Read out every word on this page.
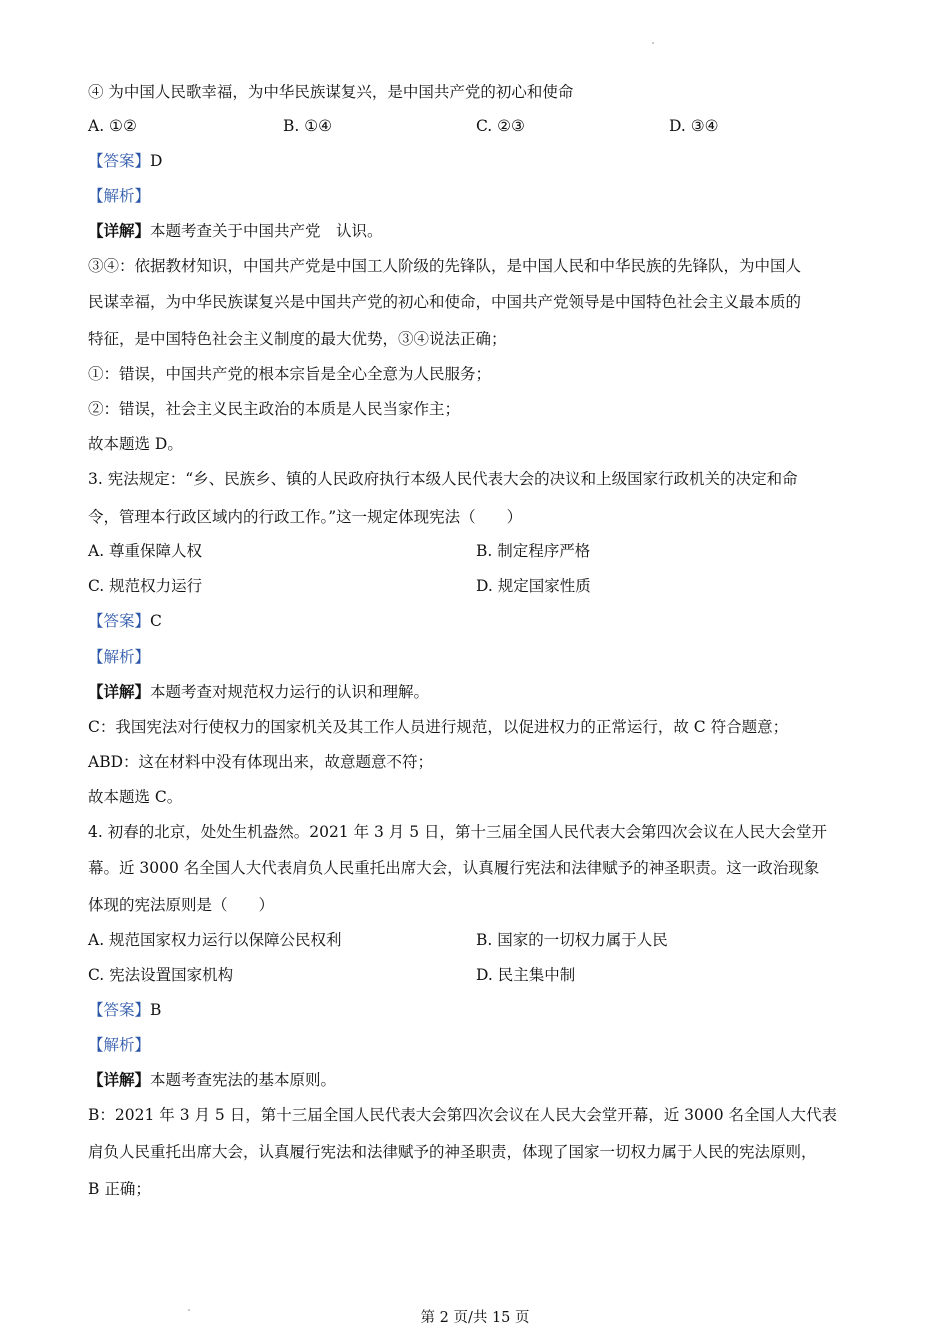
④ 为中国人民歌幸福，为中华民族谋复兴，是中国共产党的初心和使命
A. ①②	B. ①④	C. ②③	D. ③④
【答案】D
【解析】
【详解】本题考查关于中国共产党　认识。
③④：依据教材知识，中国共产党是中国工人阶级的先锋队，是中国人民和中华民族的先锋队，为中国人
民谋幸福，为中华民族谋复兴是中国共产党的初心和使命，中国共产党领导是中国特色社会主义最本质的
特征，是中国特色社会主义制度的最大优势，③④说法正确；
①：错误，中国共产党的根本宗旨是全心全意为人民服务；
②：错误，社会主义民主政治的本质是人民当家作主；
故本题选 D。
3. 宪法规定：“乡、民族乡、镇的人民政府执行本级人民代表大会的决议和上级国家行政机关的决定和命
令，管理本行政区域内的行政工作。”这一规定体现宪法（　　）
A. 尊重保障人权	B. 制定程序严格
C. 规范权力运行	D. 规定国家性质
【答案】C
【解析】
【详解】本题考查对规范权力运行的认识和理解。
C：我国宪法对行使权力的国家机关及其工作人员进行规范，以促进权力的正常运行，故 C 符合题意；
ABD：这在材料中没有体现出来，故意题意不符；
故本题选 C。
4. 初春的北京，处处生机盎然。2021 年 3 月 5 日，第十三届全国人民代表大会第四次会议在人民大会堂开
幕。近 3000 名全国人大代表肩负人民重托出席大会，认真履行宪法和法律赋予的神圣职责。这一政治现象
体现的宪法原则是（　　）
A. 规范国家权力运行以保障公民权利	B. 国家的一切权力属于人民
C. 宪法设置国家机构	D. 民主集中制
【答案】B
【解析】
【详解】本题考查宪法的基本原则。
B：2021 年 3 月 5 日，第十三届全国人民代表大会第四次会议在人民大会堂开幕，近 3000 名全国人大代表
肩负人民重托出席大会，认真履行宪法和法律赋予的神圣职责，体现了国家一切权力属于人民的宪法原则，
B 正确；
第 2 页/共 15 页
